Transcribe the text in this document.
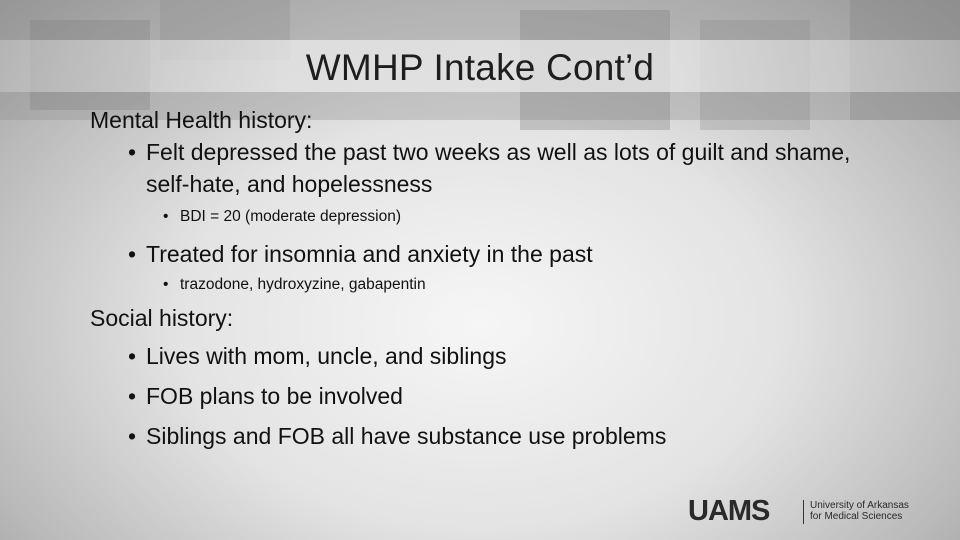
WMHP Intake Cont’d

Mental Health history:

• Felt depressed the past two weeks as well as lots of guilt and shame, self-hate, and hopelessness

• BDI = 20 (moderate depression)

• Treated for insomnia and anxiety in the past

• trazodone, hydroxyzine, gabapentin

Social history:

• Lives with mom, uncle, and siblings

• FOB plans to be involved

• Siblings and FOB all have substance use problems

UAMS	University of Arkansas
for Medical Sciences
